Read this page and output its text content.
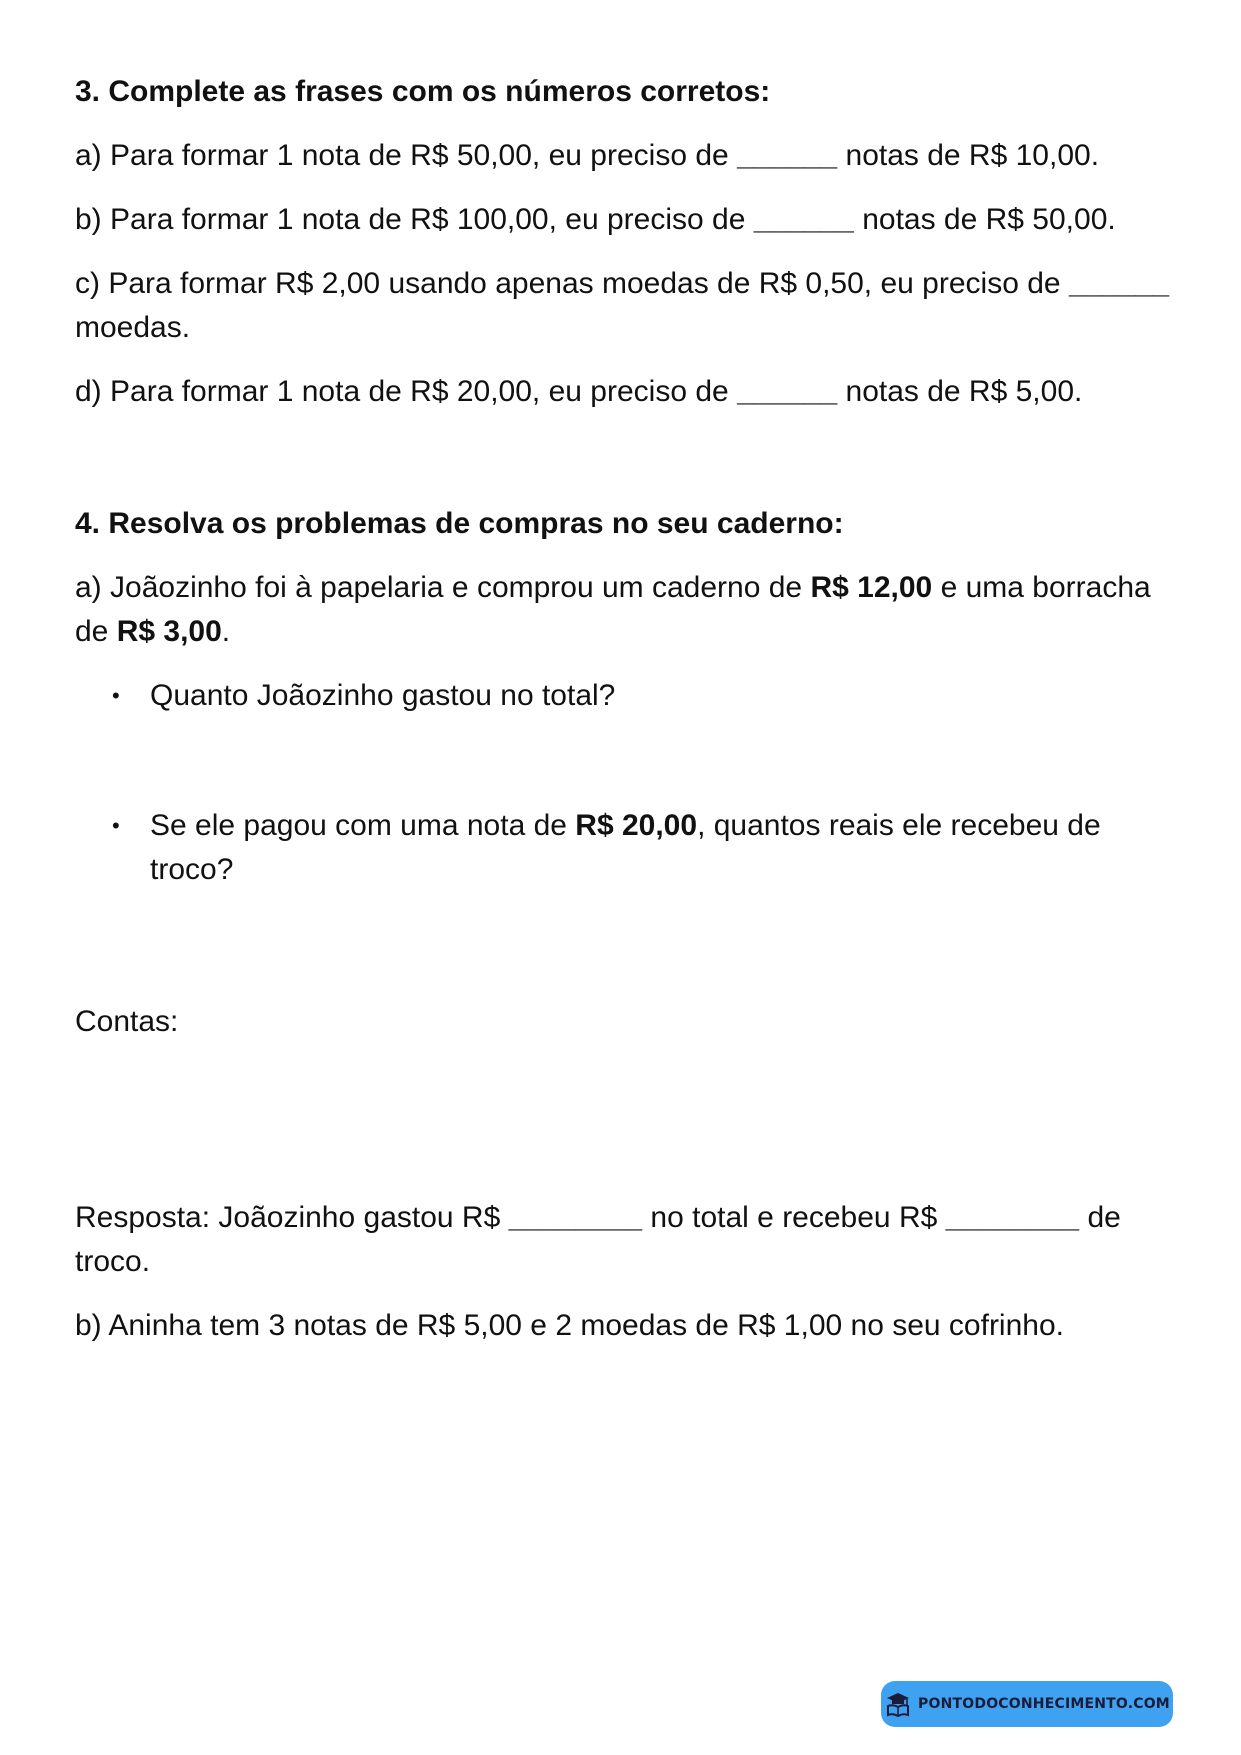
3. Complete as frases com os números corretos:

a) Para formar 1 nota de R$ 50,00, eu preciso de ______ notas de R$ 10,00.

b) Para formar 1 nota de R$ 100,00, eu preciso de ______ notas de R$ 50,00.

c) Para formar R$ 2,00 usando apenas moedas de R$ 0,50, eu preciso de ______ moedas.

d) Para formar 1 nota de R$ 20,00, eu preciso de ______ notas de R$ 5,00.

4. Resolva os problemas de compras no seu caderno:

a) Joãozinho foi à papelaria e comprou um caderno de R$ 12,00 e uma borracha de R$ 3,00.

• Quanto Joãozinho gastou no total?
• Se ele pagou com uma nota de R$ 20,00, quantos reais ele recebeu de troco?

Contas:

Resposta: Joãozinho gastou R$ ________ no total e recebeu R$ ________ de troco.

b) Aninha tem 3 notas de R$ 5,00 e 2 moedas de R$ 1,00 no seu cofrinho.

PONTODOCONHECIMENTO.COM
